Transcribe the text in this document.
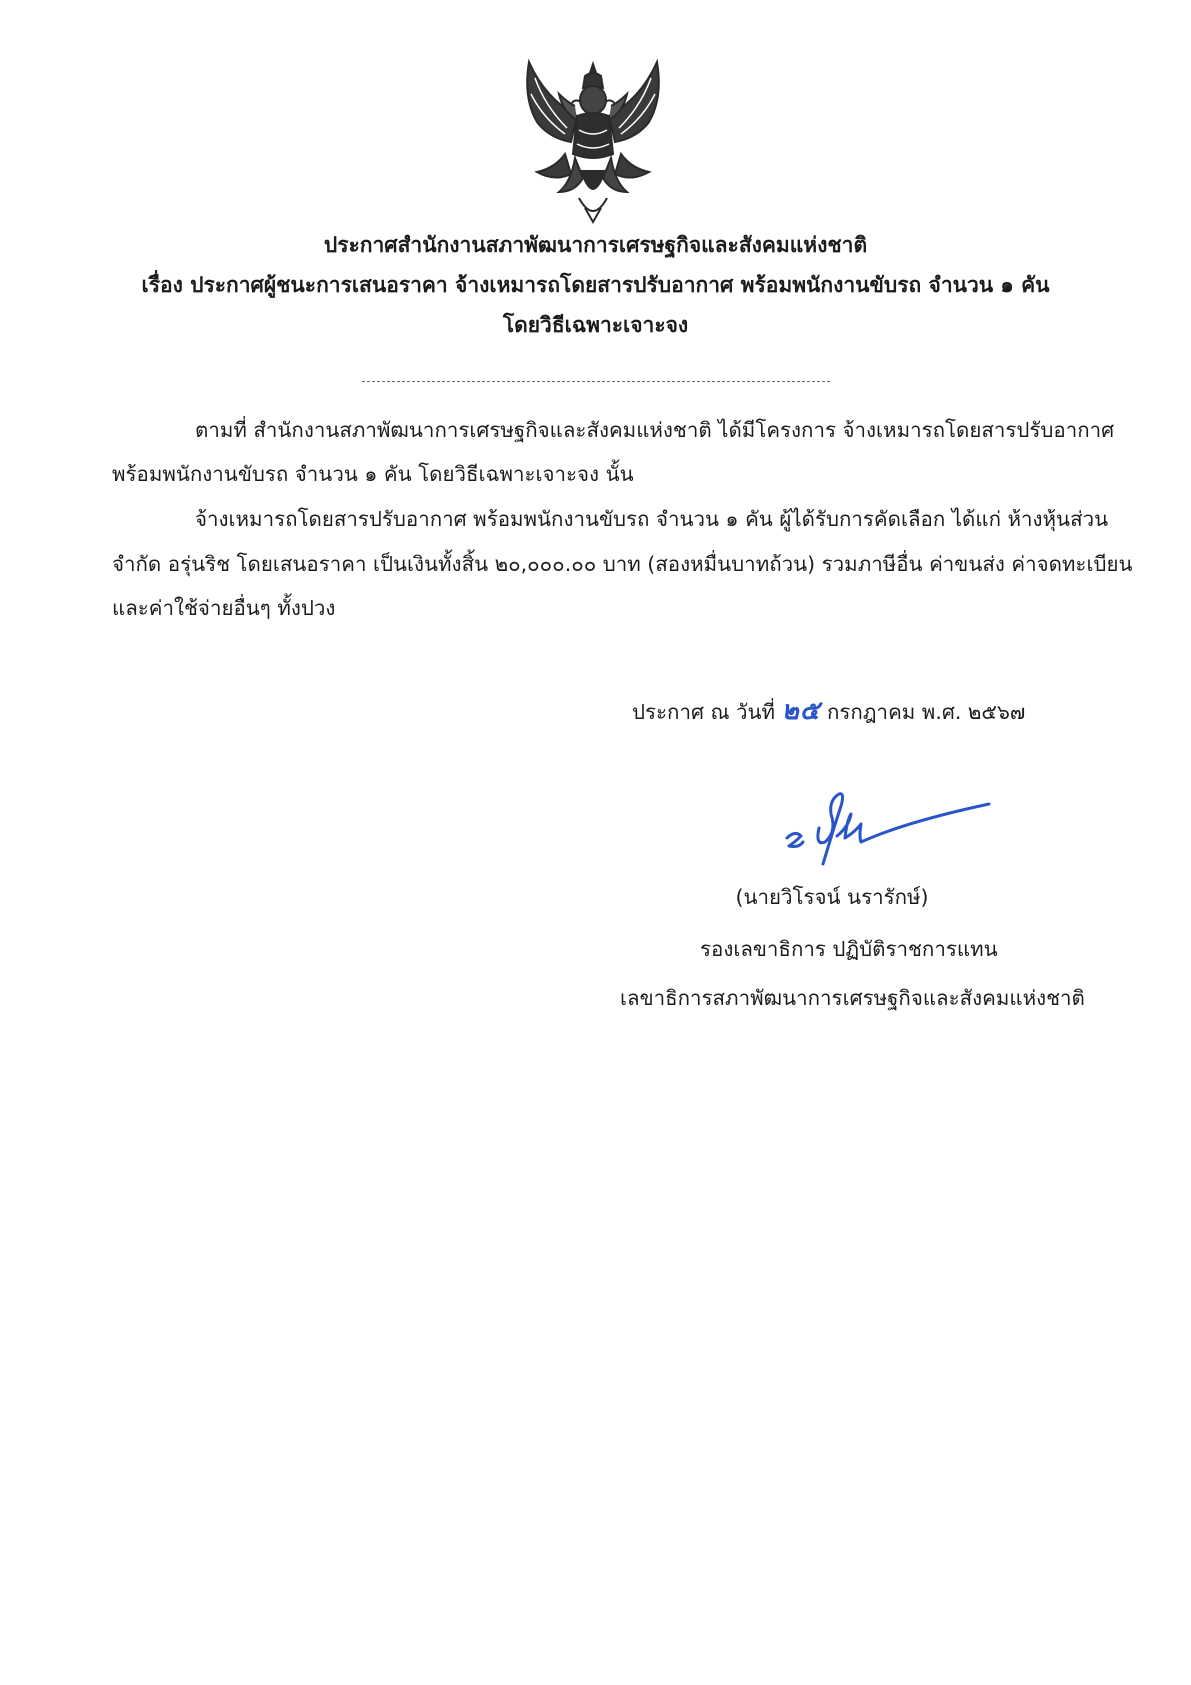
ประกาศสำนักงานสภาพัฒนาการเศรษฐกิจและสังคมแห่งชาติ
เรื่อง ประกาศผู้ชนะการเสนอราคา จ้างเหมารถโดยสารปรับอากาศ พร้อมพนักงานขับรถ จำนวน ๑ คัน
โดยวิธีเฉพาะเจาะจง
ตามที่ สำนักงานสภาพัฒนาการเศรษฐกิจและสังคมแห่งชาติ ได้มีโครงการ จ้างเหมารถโดยสารปรับอากาศ
พร้อมพนักงานขับรถ จำนวน ๑ คัน โดยวิธีเฉพาะเจาะจง นั้น
จ้างเหมารถโดยสารปรับอากาศ พร้อมพนักงานขับรถ จำนวน ๑ คัน ผู้ได้รับการคัดเลือก ได้แก่ ห้างหุ้นส่วน
จำกัด อรุ่นริช โดยเสนอราคา เป็นเงินทั้งสิ้น ๒๐,๐๐๐.๐๐ บาท (สองหมื่นบาทถ้วน) รวมภาษีอื่น ค่าขนส่ง ค่าจดทะเบียน
และค่าใช้จ่ายอื่นๆ ทั้งปวง
ประกาศ ณ วันที่ ๒๕ กรกฎาคม พ.ศ. ๒๕๖๗
(นายวิโรจน์ นรารักษ์)
รองเลขาธิการ ปฏิบัติราชการแทน
เลขาธิการสภาพัฒนาการเศรษฐกิจและสังคมแห่งชาติ
